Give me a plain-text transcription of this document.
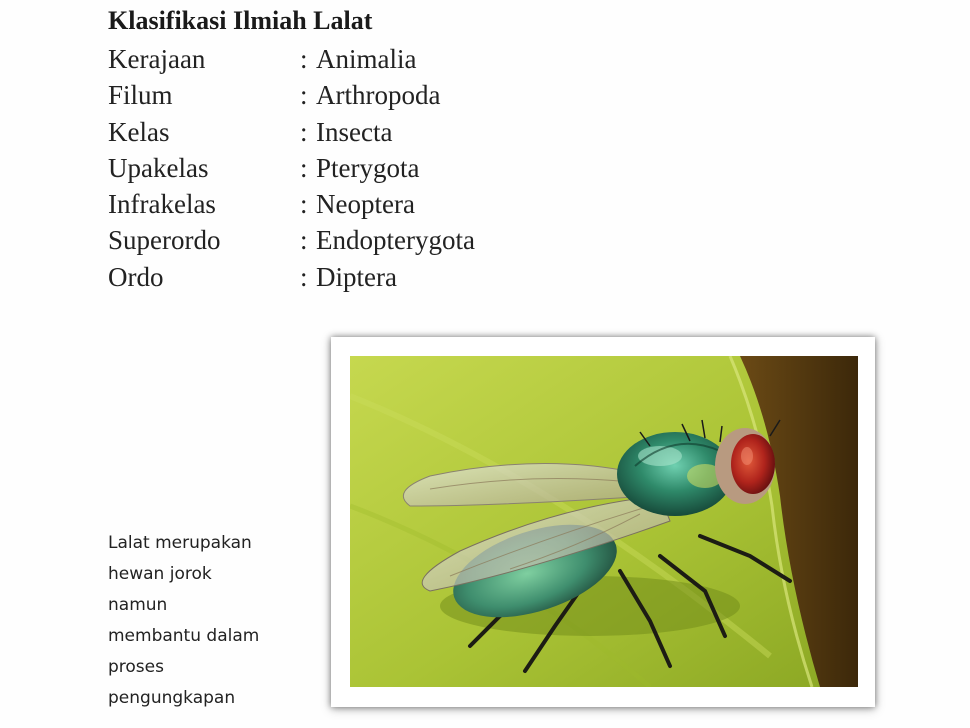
Klasifikasi Ilmiah Lalat
Kerajaan	: Animalia
Filum	: Arthropoda
Kelas	: Insecta
Upakelas	: Pterygota
Infrakelas	: Neoptera
Superordo	: Endopterygota
Ordo	: Diptera
Lalat merupakan
hewan jorok
namun
membantu dalam
proses
pengungkapan
